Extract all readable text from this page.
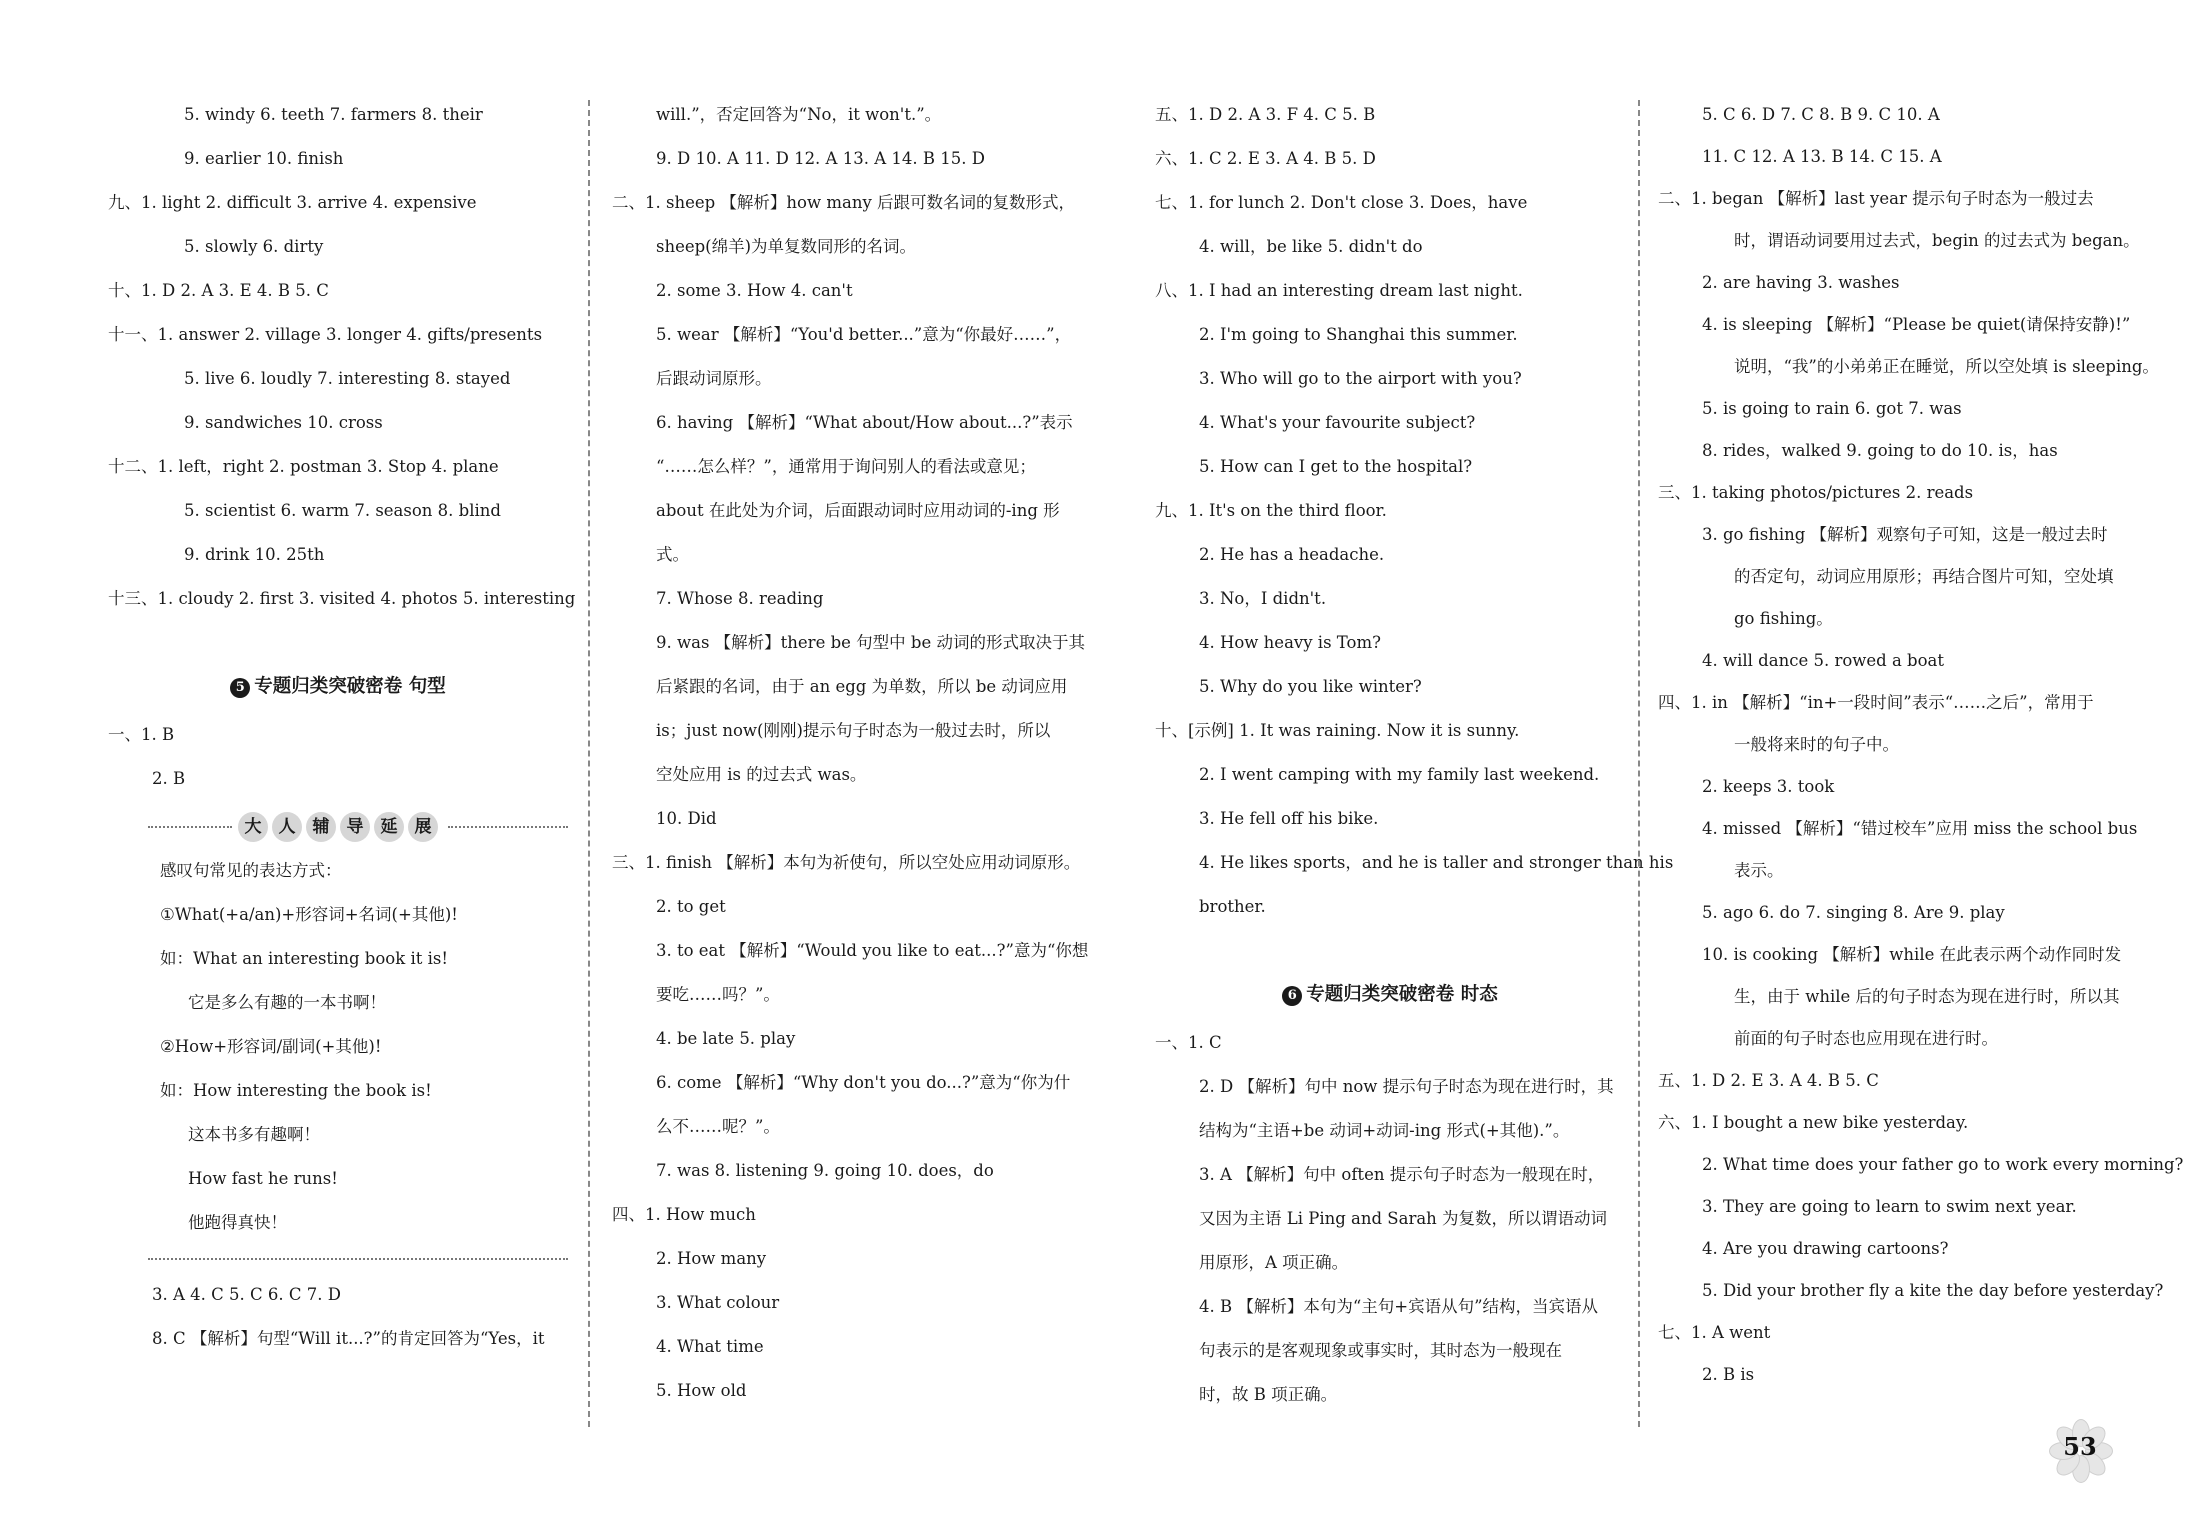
5. windy 6. teeth 7. farmers 8. their
9. earlier 10. finish
九、1. light 2. difficult 3. arrive 4. expensive
5. slowly 6. dirty
十、1. D 2. A 3. E 4. B 5. C
十一、1. answer 2. village 3. longer 4. gifts/presents
5. live 6. loudly 7. interesting 8. stayed
9. sandwiches 10. cross
十二、1. left，right 2. postman 3. Stop 4. plane
5. scientist 6. warm 7. season 8. blind
9. drink 10. 25th
十三、1. cloudy 2. first 3. visited 4. photos 5. interesting
5 专题归类突破密卷 句型
一、1. B
2. B
大 人 辅 导 延 展
感叹句常见的表达方式：
①What(+a/an)+形容词+名词(+其他)!
如：What an interesting book it is!
它是多么有趣的一本书啊！
②How+形容词/副词(+其他)!
如：How interesting the book is!
这本书多有趣啊！
How fast he runs!
他跑得真快！
3. A 4. C 5. C 6. C 7. D
8. C 【解析】句型“Will it...?”的肯定回答为“Yes，it
will.”，否定回答为“No，it won't.”。
9. D 10. A 11. D 12. A 13. A 14. B 15. D
二、1. sheep 【解析】how many 后跟可数名词的复数形式，
sheep(绵羊)为单复数同形的名词。
2. some 3. How 4. can't
5. wear 【解析】“You'd better...”意为“你最好……”，
后跟动词原形。
6. having 【解析】“What about/How about...?”表示
“……怎么样？”，通常用于询问别人的看法或意见；
about 在此处为介词，后面跟动词时应用动词的-ing 形
式。
7. Whose 8. reading
9. was 【解析】there be 句型中 be 动词的形式取决于其
后紧跟的名词，由于 an egg 为单数，所以 be 动词应用
is；just now(刚刚)提示句子时态为一般过去时，所以
空处应用 is 的过去式 was。
10. Did
三、1. finish 【解析】本句为祈使句，所以空处应用动词原形。
2. to get
3. to eat 【解析】“Would you like to eat...?”意为“你想
要吃……吗？”。
4. be late 5. play
6. come 【解析】“Why don't you do...?”意为“你为什
么不……呢？”。
7. was 8. listening 9. going 10. does，do
四、1. How much
2. How many
3. What colour
4. What time
5. How old
五、1. D 2. A 3. F 4. C 5. B
六、1. C 2. E 3. A 4. B 5. D
七、1. for lunch 2. Don't close 3. Does，have
4. will，be like 5. didn't do
八、1. I had an interesting dream last night.
2. I'm going to Shanghai this summer.
3. Who will go to the airport with you?
4. What's your favourite subject?
5. How can I get to the hospital?
九、1. It's on the third floor.
2. He has a headache.
3. No，I didn't.
4. How heavy is Tom?
5. Why do you like winter?
十、[示例] 1. It was raining. Now it is sunny.
2. I went camping with my family last weekend.
3. He fell off his bike.
4. He likes sports，and he is taller and stronger than his
brother.
6 专题归类突破密卷 时态
一、1. C
2. D 【解析】句中 now 提示句子时态为现在进行时，其
结构为“主语+be 动词+动词-ing 形式(+其他).”。
3. A 【解析】句中 often 提示句子时态为一般现在时，
又因为主语 Li Ping and Sarah 为复数，所以谓语动词
用原形，A 项正确。
4. B 【解析】本句为“主句+宾语从句”结构，当宾语从
句表示的是客观现象或事实时，其时态为一般现在
时，故 B 项正确。
5. C 6. D 7. C 8. B 9. C 10. A
11. C 12. A 13. B 14. C 15. A
二、1. began 【解析】last year 提示句子时态为一般过去
时，谓语动词要用过去式，begin 的过去式为 began。
2. are having 3. washes
4. is sleeping 【解析】“Please be quiet(请保持安静)!”
说明，“我”的小弟弟正在睡觉，所以空处填 is sleeping。
5. is going to rain 6. got 7. was
8. rides，walked 9. going to do 10. is，has
三、1. taking photos/pictures 2. reads
3. go fishing 【解析】观察句子可知，这是一般过去时
的否定句，动词应用原形；再结合图片可知，空处填
go fishing。
4. will dance 5. rowed a boat
四、1. in 【解析】“in+一段时间”表示“……之后”，常用于
一般将来时的句子中。
2. keeps 3. took
4. missed 【解析】“错过校车”应用 miss the school bus
表示。
5. ago 6. do 7. singing 8. Are 9. play
10. is cooking 【解析】while 在此表示两个动作同时发
生，由于 while 后的句子时态为现在进行时，所以其
前面的句子时态也应用现在进行时。
五、1. D 2. E 3. A 4. B 5. C
六、1. I bought a new bike yesterday.
2. What time does your father go to work every morning?
3. They are going to learn to swim next year.
4. Are you drawing cartoons?
5. Did your brother fly a kite the day before yesterday?
七、1. A went
2. B is
53
